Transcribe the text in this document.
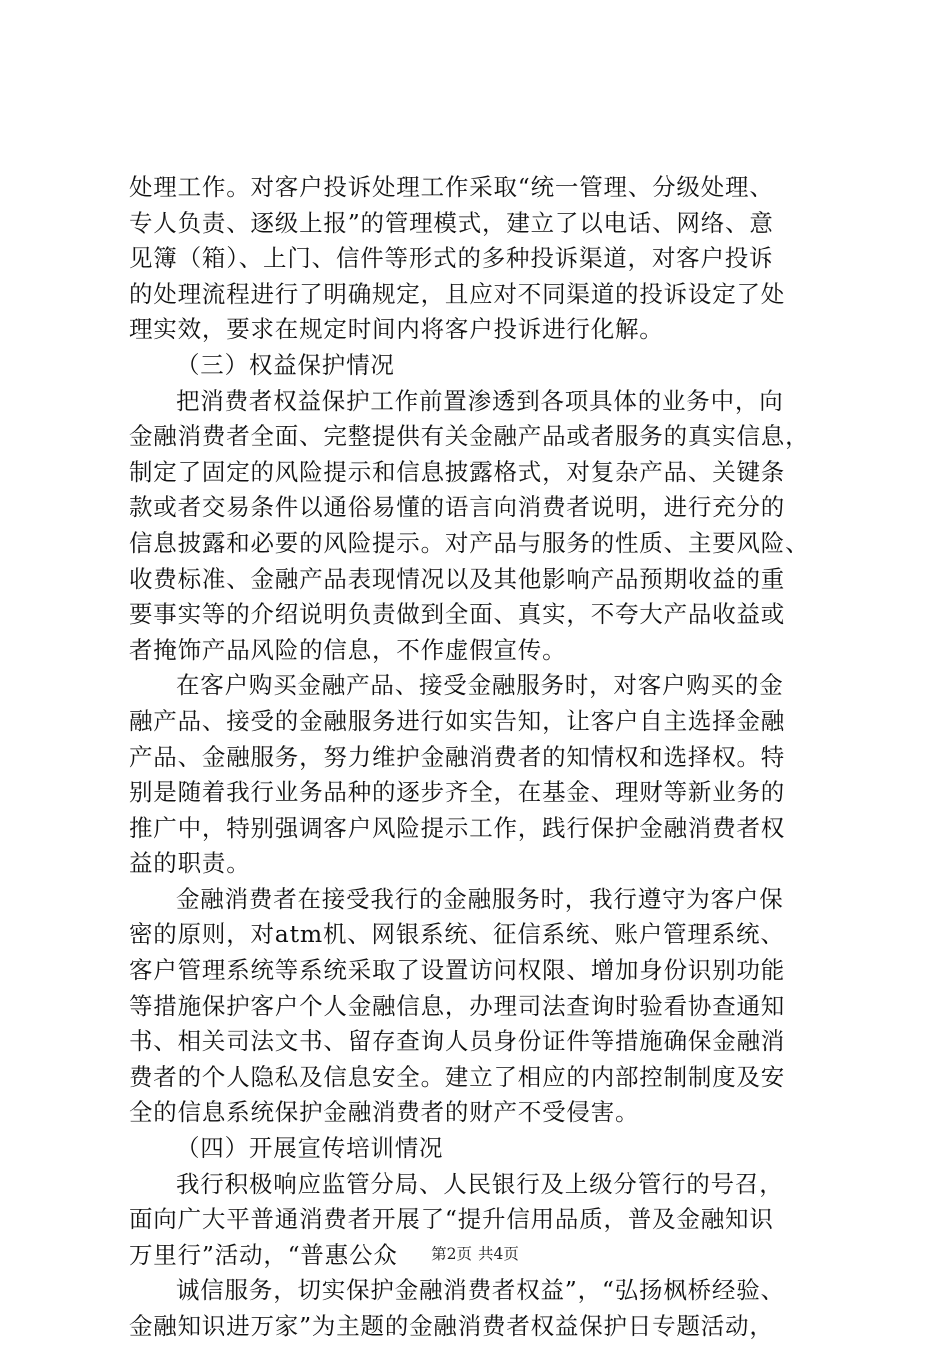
处理工作。对客户投诉处理工作采取“统一管理、分级处理、
专人负责、逐级上报”的管理模式，建立了以电话、网络、意
见簿（箱）、上门、信件等形式的多种投诉渠道，对客户投诉
的处理流程进行了明确规定，且应对不同渠道的投诉设定了处
理实效，要求在规定时间内将客户投诉进行化解。
（三）权益保护情况
把消费者权益保护工作前置渗透到各项具体的业务中，向
金融消费者全面、完整提供有关金融产品或者服务的真实信息，
制定了固定的风险提示和信息披露格式，对复杂产品、关键条
款或者交易条件以通俗易懂的语言向消费者说明，进行充分的
信息披露和必要的风险提示。对产品与服务的性质、主要风险、
收费标准、金融产品表现情况以及其他影响产品预期收益的重
要事实等的介绍说明负责做到全面、真实，不夸大产品收益或
者掩饰产品风险的信息，不作虚假宣传。
在客户购买金融产品、接受金融服务时，对客户购买的金
融产品、接受的金融服务进行如实告知，让客户自主选择金融
产品、金融服务，努力维护金融消费者的知情权和选择权。特
别是随着我行业务品种的逐步齐全，在基金、理财等新业务的
推广中，特别强调客户风险提示工作，践行保护金融消费者权
益的职责。
金融消费者在接受我行的金融服务时，我行遵守为客户保
密的原则，对atm机、网银系统、征信系统、账户管理系统、
客户管理系统等系统采取了设置访问权限、增加身份识别功能
等措施保护客户个人金融信息，办理司法查询时验看协查通知
书、相关司法文书、留存查询人员身份证件等措施确保金融消
费者的个人隐私及信息安全。建立了相应的内部控制制度及安
全的信息系统保护金融消费者的财产不受侵害。
（四）开展宣传培训情况
我行积极响应监管分局、人民银行及上级分管行的号召，
面向广大平普通消费者开展了“提升信用品质，普及金融知识
万里行”活动，“普惠公众
诚信服务，切实保护金融消费者权益”，“弘扬枫桥经验、
金融知识进万家”为主题的金融消费者权益保护日专题活动，
第2页 共4页
